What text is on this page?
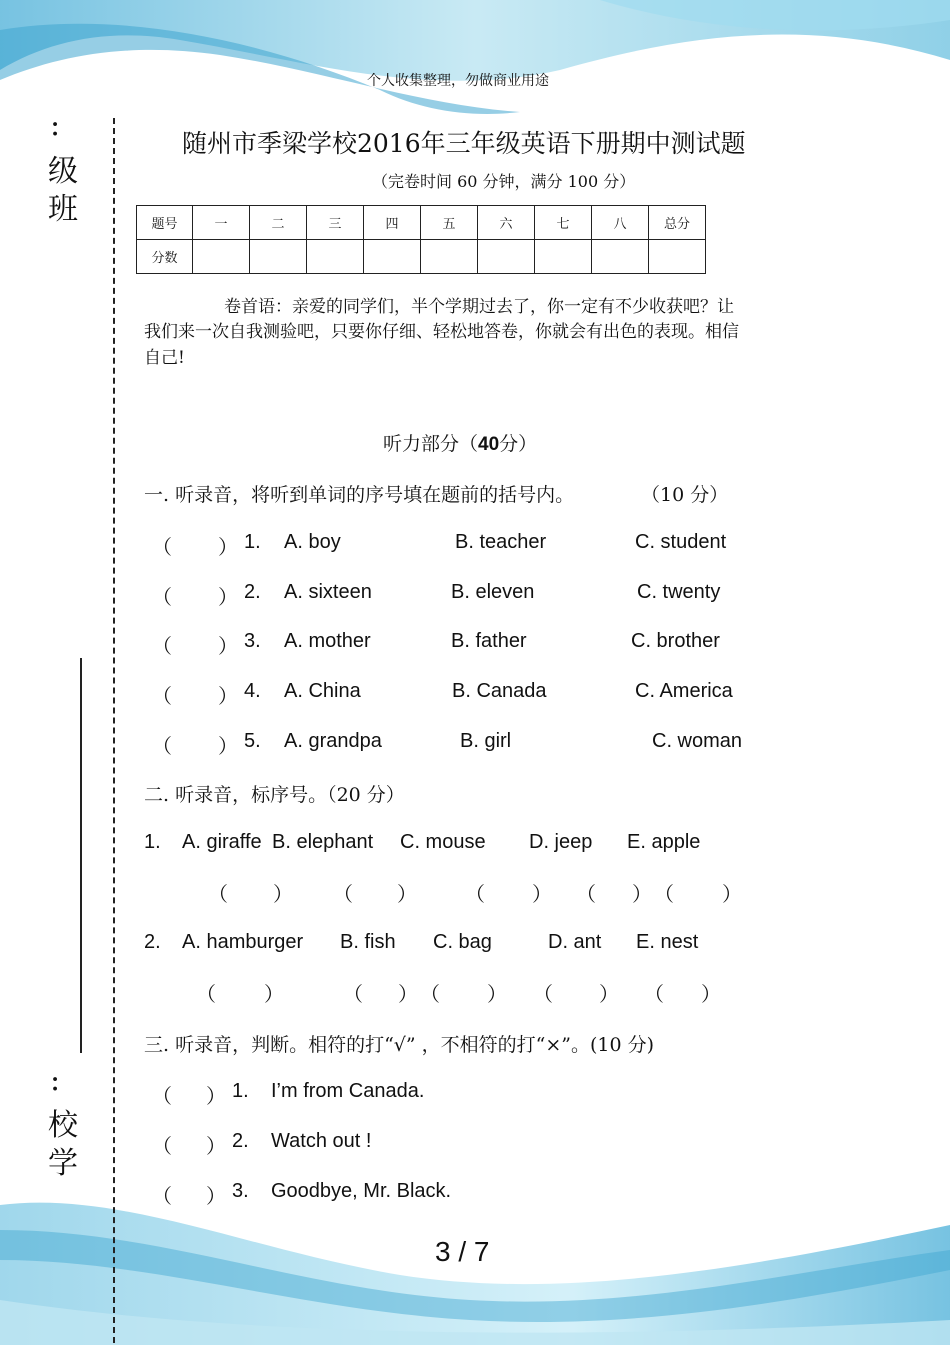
:
级
班
:
校
学
个人收集整理，勿做商业用途
随州市季梁学校2016年三年级英语下册期中测试题
（完卷时间 60 分钟，满分 100 分）
题号	一	二	三	四	五	六	七	八	总分
分数									
卷首语：亲爱的同学们，半个学期过去了，你一定有不少收获吧？让
我们来一次自我测验吧，只要你仔细、轻松地答卷，你就会有出色的表现。相信
自己!
听力部分（40分）
一. 听录音，将听到单词的序号填在题前的括号内。	（10 分）
（ ） 1. A. boy	B. teacher	C. student
（ ） 2. A. sixteen	B. eleven	C. twenty
（ ） 3. A. mother	B. father	C. brother
（ ） 4. A. China	B. Canada	C. America
（ ） 5. A. grandpa	B. girl	C. woman
二. 听录音，标序号。（20 分）
1. A. giraffe B. elephant C. mouse D. jeep E. apple
（ ） （ ） （ ） （ ） （ ）
2. A. hamburger B. fish C. bag	D. ant E. nest
（ ）	（ ） （ ） （ ） （ ）
三. 听录音，判断。相符的打“√” ，不相符的打“×”。(10 分)
（ ） 1. I’m from Canada.
（ ） 2. Watch out !
（ ） 3. Goodbye, Mr. Black.
3 / 7
